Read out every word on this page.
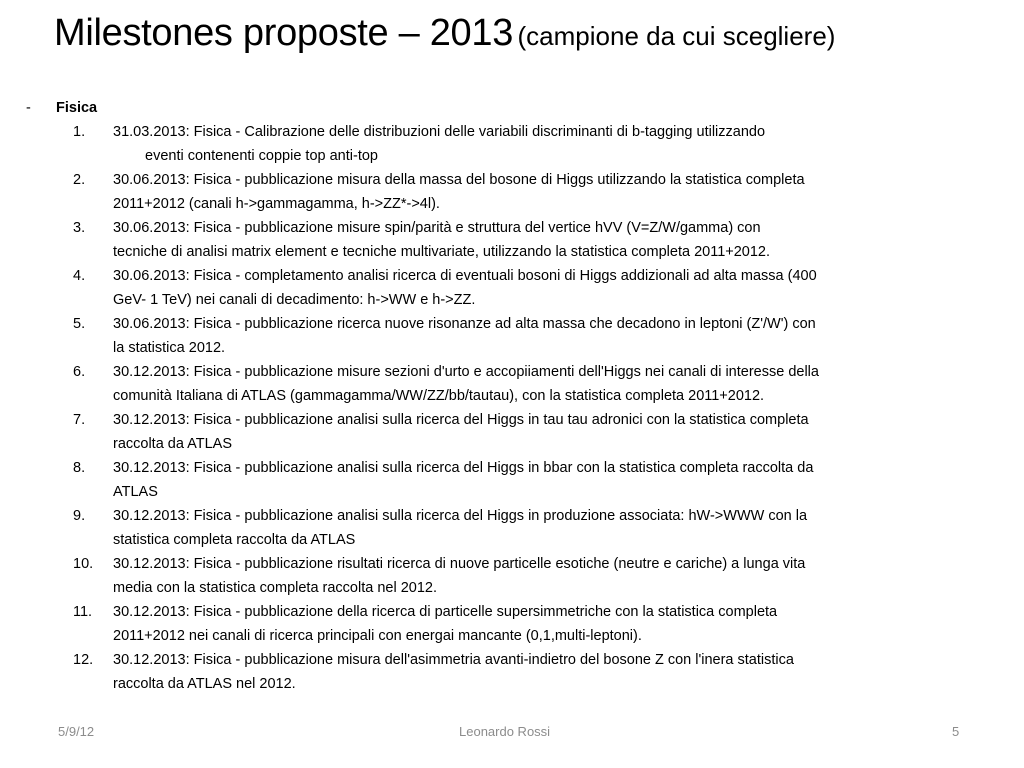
Milestones proposte – 2013 (campione da cui scegliere)
-	Fisica
1. 31.03.2013: Fisica - Calibrazione delle distribuzioni delle variabili discriminanti di b-tagging utilizzando
eventi contenenti coppie top anti-top
2. 30.06.2013: Fisica - pubblicazione misura della massa del bosone di Higgs utilizzando la statistica completa
2011+2012 (canali h->gammagamma, h->ZZ*->4l).
3. 30.06.2013: Fisica - pubblicazione misure spin/parità e struttura del vertice hVV (V=Z/W/gamma) con
tecniche di analisi matrix element e tecniche multivariate, utilizzando la statistica completa 2011+2012.
4. 30.06.2013: Fisica - completamento analisi ricerca di eventuali bosoni di Higgs addizionali ad alta massa (400
GeV- 1 TeV) nei canali di decadimento: h->WW e h->ZZ.
5. 30.06.2013: Fisica - pubblicazione ricerca nuove risonanze ad alta massa che decadono in leptoni (Z'/W') con
la statistica 2012.
6. 30.12.2013: Fisica - pubblicazione misure sezioni d'urto e accopiiamenti dell'Higgs nei canali di interesse della
comunità Italiana di ATLAS (gammagamma/WW/ZZ/bb/tautau), con la statistica completa 2011+2012.
7. 30.12.2013: Fisica - pubblicazione analisi sulla ricerca del Higgs in tau tau adronici con la statistica completa
raccolta da ATLAS
8. 30.12.2013: Fisica - pubblicazione analisi sulla ricerca del Higgs in bbar con la statistica completa raccolta da
ATLAS
9. 30.12.2013: Fisica - pubblicazione analisi sulla ricerca del Higgs in produzione associata: hW->WWW con la
statistica completa raccolta da ATLAS
10. 30.12.2013: Fisica - pubblicazione risultati ricerca di nuove particelle esotiche (neutre e cariche) a lunga vita
media con la statistica completa raccolta nel 2012.
11. 30.12.2013: Fisica - pubblicazione della ricerca di particelle supersimmetriche con la statistica completa
2011+2012 nei canali di ricerca principali con energai mancante (0,1,multi-leptoni).
12. 30.12.2013: Fisica - pubblicazione misura dell'asimmetria avanti-indietro del bosone Z con l'inera statistica
raccolta da ATLAS nel 2012.
5/9/12	Leonardo Rossi	5
